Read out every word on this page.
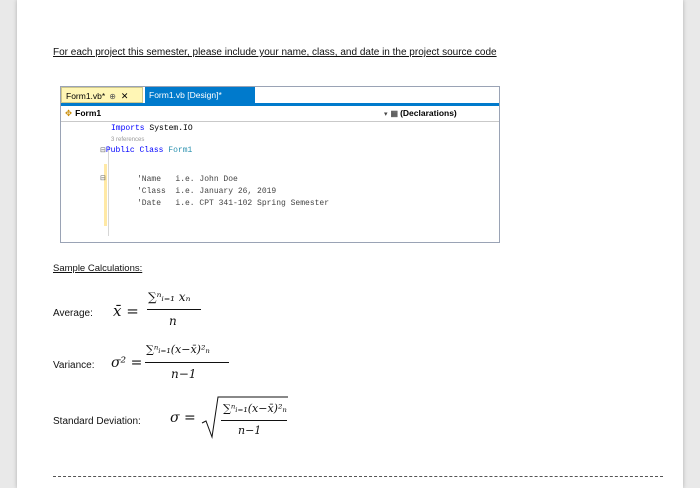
For each project this semester, please include your name, class, and date in the project source code
Form1.vb* ⊕ ✕	Form1.vb [Design]*
✥ Form1	▾ ▦ (Declarations)
Imports System.IO
3 references
⊟Public Class Form1
⊟	'Name   i.e. John Doe
'Class  i.e. January 26, 2019
'Date   i.e. CPT 341-102 Spring Semester
Sample Calculations:
Average: x̄ =
∑ⁿᵢ₌₁ xₙ
n
Variance: σ² =
∑ⁿᵢ₌₁(x−x̄)²ₙ
n−1
Standard Deviation: σ =
∑ⁿᵢ₌₁(x−x̄)²ₙ
n−1
